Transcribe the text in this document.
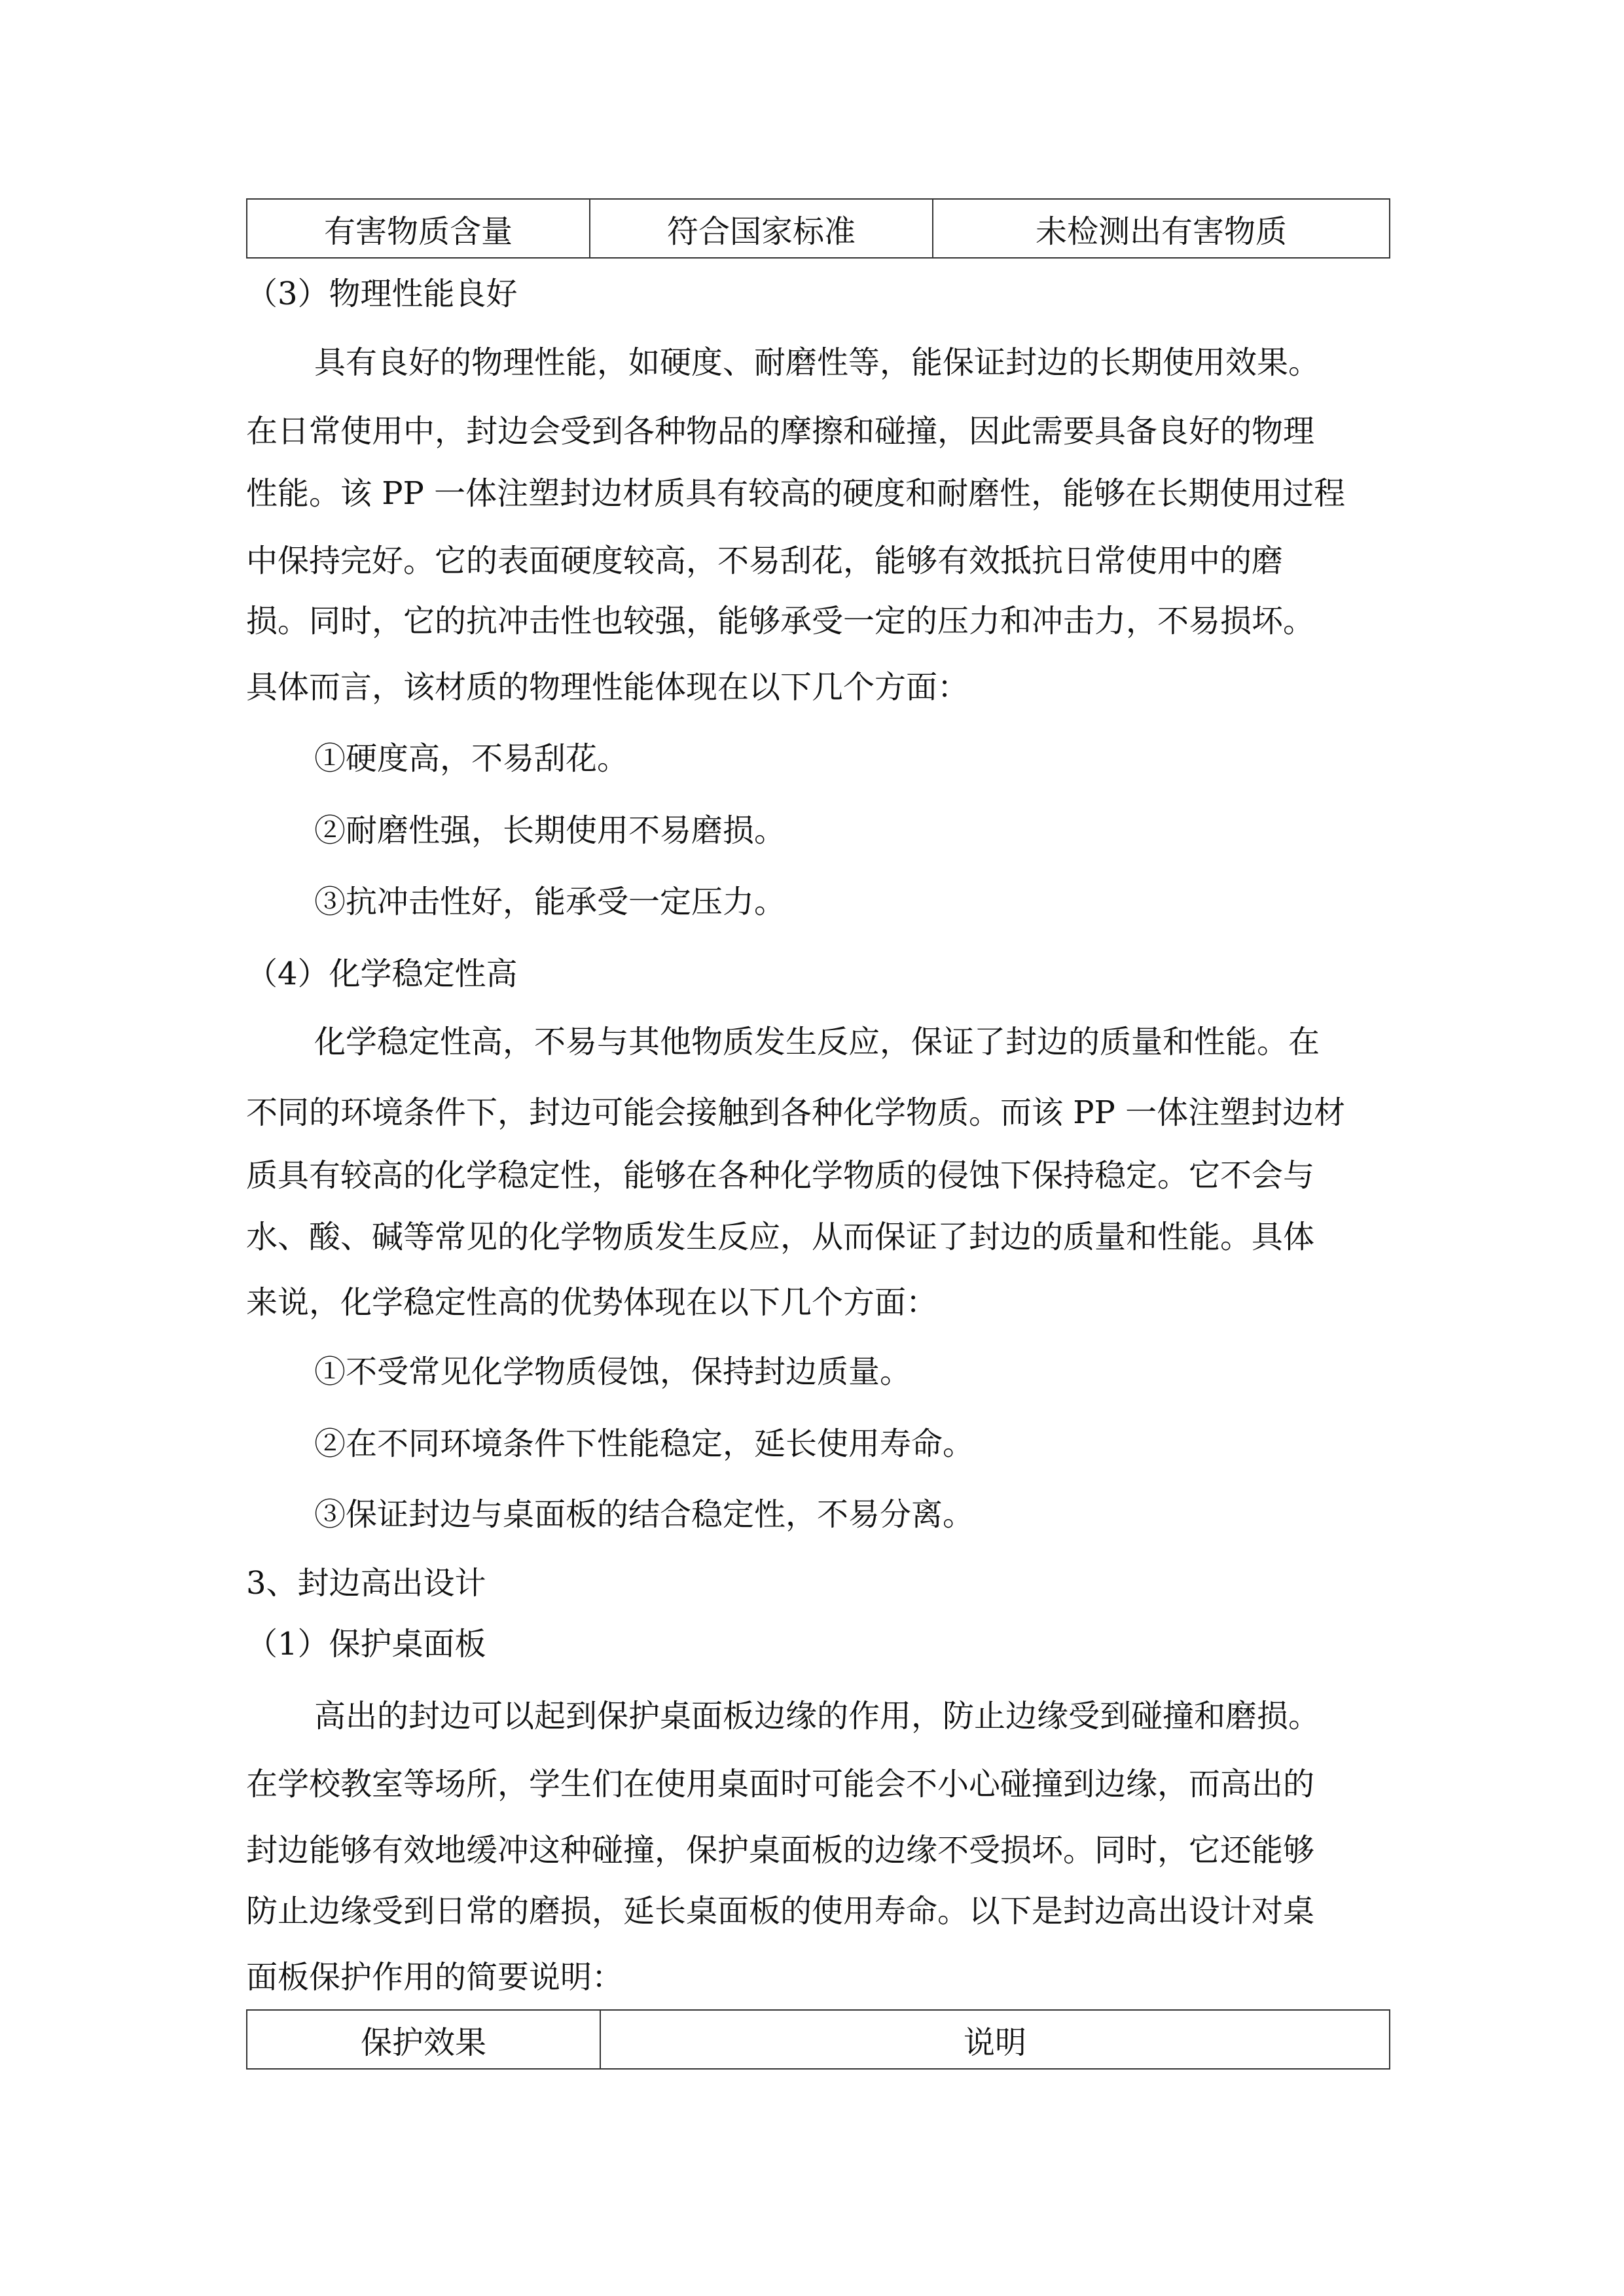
有害物质含量	符合国家标准	未检测出有害物质
（3）物理性能良好
具有良好的物理性能，如硬度、耐磨性等，能保证封边的长期使用效果。
在日常使用中，封边会受到各种物品的摩擦和碰撞，因此需要具备良好的物理
性能。该 PP 一体注塑封边材质具有较高的硬度和耐磨性，能够在长期使用过程
中保持完好。它的表面硬度较高，不易刮花，能够有效抵抗日常使用中的磨
损。同时，它的抗冲击性也较强，能够承受一定的压力和冲击力，不易损坏。
具体而言，该材质的物理性能体现在以下几个方面：
①硬度高，不易刮花。
②耐磨性强，长期使用不易磨损。
③抗冲击性好，能承受一定压力。
（4）化学稳定性高
化学稳定性高，不易与其他物质发生反应，保证了封边的质量和性能。在
不同的环境条件下，封边可能会接触到各种化学物质。而该 PP 一体注塑封边材
质具有较高的化学稳定性，能够在各种化学物质的侵蚀下保持稳定。它不会与
水、酸、碱等常见的化学物质发生反应，从而保证了封边的质量和性能。具体
来说，化学稳定性高的优势体现在以下几个方面：
①不受常见化学物质侵蚀，保持封边质量。
②在不同环境条件下性能稳定，延长使用寿命。
③保证封边与桌面板的结合稳定性，不易分离。
3、封边高出设计
（1）保护桌面板
高出的封边可以起到保护桌面板边缘的作用，防止边缘受到碰撞和磨损。
在学校教室等场所，学生们在使用桌面时可能会不小心碰撞到边缘，而高出的
封边能够有效地缓冲这种碰撞，保护桌面板的边缘不受损坏。同时，它还能够
防止边缘受到日常的磨损，延长桌面板的使用寿命。以下是封边高出设计对桌
面板保护作用的简要说明：
保护效果	说明
